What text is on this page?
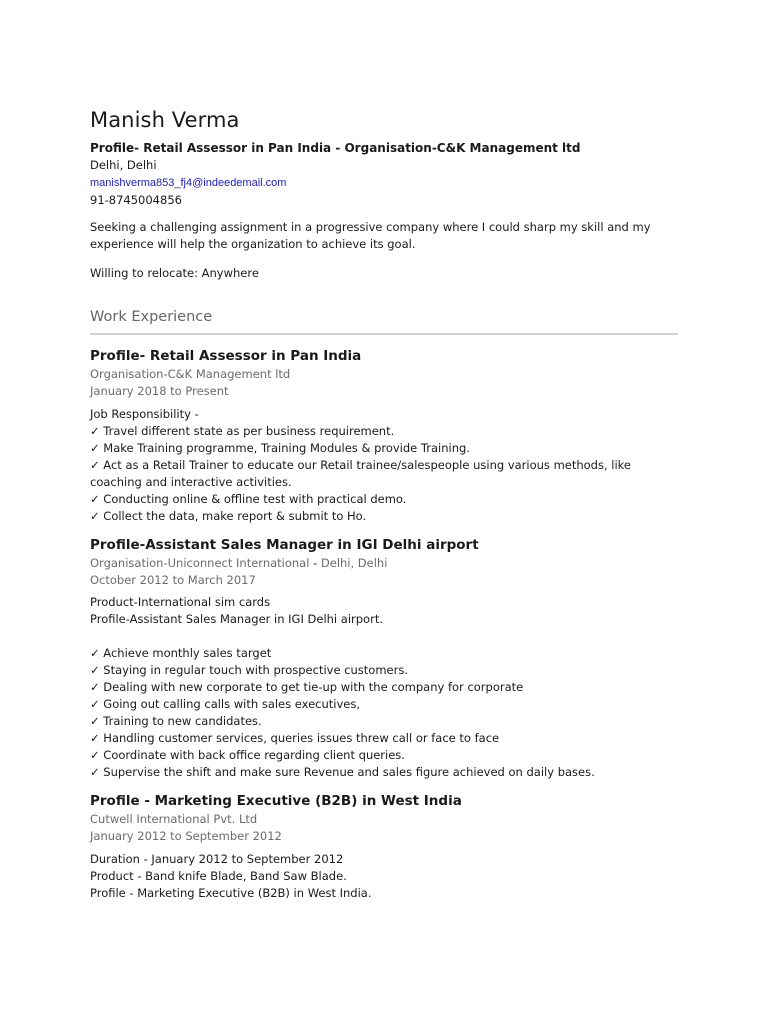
Manish Verma
Profile- Retail Assessor in Pan India - Organisation-C&K Management ltd
Delhi, Delhi
manishverma853_fj4@indeedemail.com
91-8745004856
Seeking a challenging assignment in a progressive company where I could sharp my skill and my experience will help the organization to achieve its goal.
Willing to relocate: Anywhere
Work Experience
Profile- Retail Assessor in Pan India
Organisation-C&K Management ltd
January 2018 to Present
Job Responsibility -
✓ Travel different state as per business requirement.
✓ Make Training programme, Training Modules & provide Training.
✓ Act as a Retail Trainer to educate our Retail trainee/salespeople using various methods, like coaching and interactive activities.
✓ Conducting online & offline test with practical demo.
✓ Collect the data, make report & submit to Ho.
Profile-Assistant Sales Manager in IGI Delhi airport
Organisation-Uniconnect International - Delhi, Delhi
October 2012 to March 2017
Product-International sim cards
Profile-Assistant Sales Manager in IGI Delhi airport.
✓ Achieve monthly sales target
✓ Staying in regular touch with prospective customers.
✓ Dealing with new corporate to get tie-up with the company for corporate
✓ Going out calling calls with sales executives,
✓ Training to new candidates.
✓ Handling customer services, queries issues threw call or face to face
✓ Coordinate with back office regarding client queries.
✓ Supervise the shift and make sure Revenue and sales figure achieved on daily bases.
Profile - Marketing Executive (B2B) in West India
Cutwell International Pvt. Ltd
January 2012 to September 2012
Duration - January 2012 to September 2012
Product - Band knife Blade, Band Saw Blade.
Profile - Marketing Executive (B2B) in West India.
